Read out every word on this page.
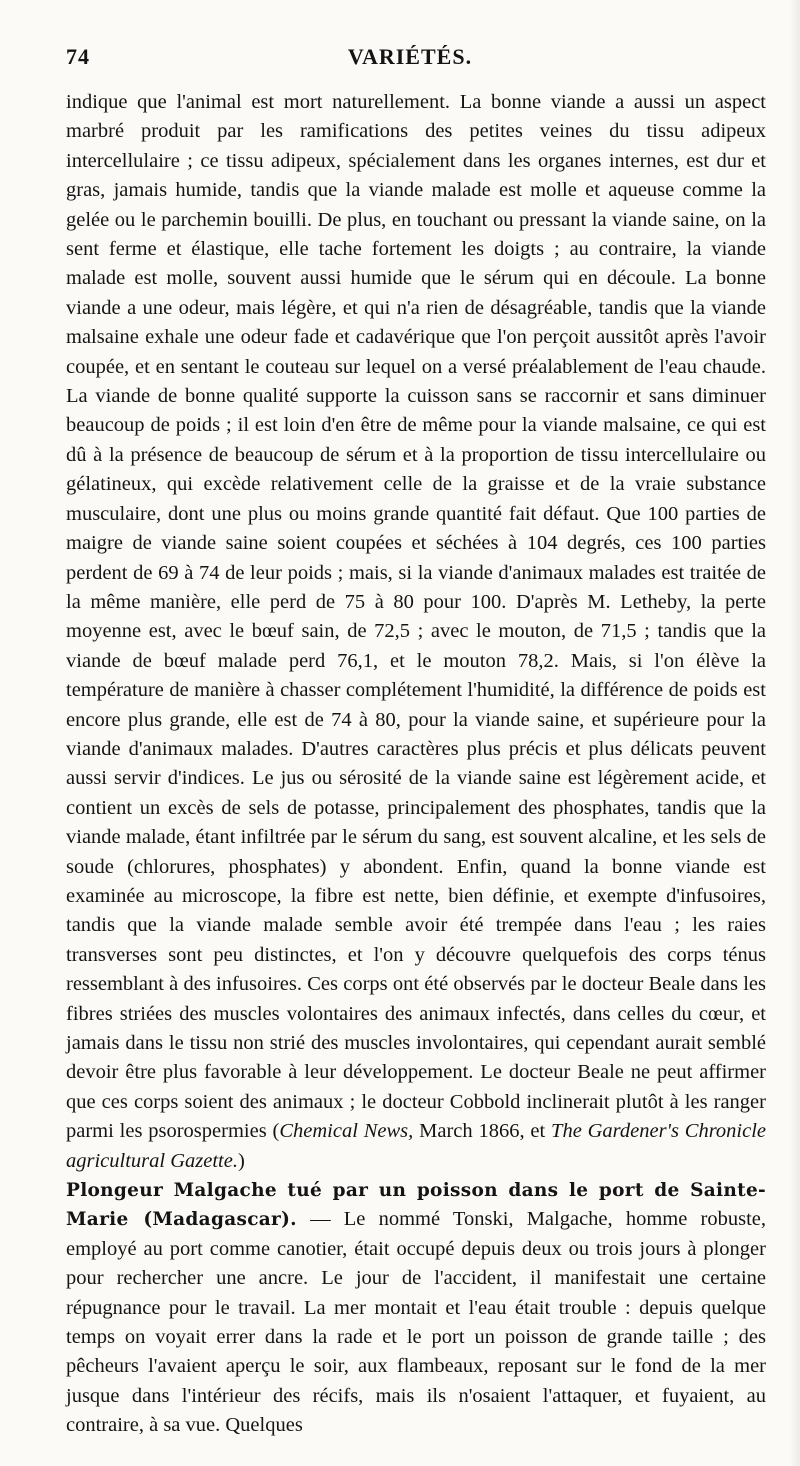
74	VARIÉTÉS.

indique que l'animal est mort naturellement. La bonne viande a aussi un aspect marbré produit par les ramifications des petites veines du tissu adipeux intercellulaire ; ce tissu adipeux, spécialement dans les organes internes, est dur et gras, jamais humide, tandis que la viande malade est molle et aqueuse comme la gelée ou le parchemin bouilli. De plus, en touchant ou pressant la viande saine, on la sent ferme et élastique, elle tache fortement les doigts ; au contraire, la viande malade est molle, souvent aussi humide que le sérum qui en découle. La bonne viande a une odeur, mais légère, et qui n'a rien de désagréable, tandis que la viande malsaine exhale une odeur fade et cadavérique que l'on perçoit aussitôt après l'avoir coupée, et en sentant le couteau sur lequel on a versé préalablement de l'eau chaude. La viande de bonne qualité supporte la cuisson sans se raccornir et sans diminuer beaucoup de poids ; il est loin d'en être de même pour la viande malsaine, ce qui est dû à la présence de beaucoup de sérum et à la proportion de tissu intercellulaire ou gélatineux, qui excède relativement celle de la graisse et de la vraie substance musculaire, dont une plus ou moins grande quantité fait défaut. Que 100 parties de maigre de viande saine soient coupées et séchées à 104 degrés, ces 100 parties perdent de 69 à 74 de leur poids ; mais, si la viande d'animaux malades est traitée de la même manière, elle perd de 75 à 80 pour 100. D'après M. Letheby, la perte moyenne est, avec le bœuf sain, de 72,5 ; avec le mouton, de 71,5 ; tandis que la viande de bœuf malade perd 76,1, et le mouton 78,2. Mais, si l'on élève la température de manière à chasser complétement l'humidité, la différence de poids est encore plus grande, elle est de 74 à 80, pour la viande saine, et supérieure pour la viande d'animaux malades. D'autres caractères plus précis et plus délicats peuvent aussi servir d'indices. Le jus ou sérosité de la viande saine est légèrement acide, et contient un excès de sels de potasse, principalement des phosphates, tandis que la viande malade, étant infiltrée par le sérum du sang, est souvent alcaline, et les sels de soude (chlorures, phosphates) y abondent. Enfin, quand la bonne viande est examinée au microscope, la fibre est nette, bien définie, et exempte d'infusoires, tandis que la viande malade semble avoir été trempée dans l'eau ; les raies transverses sont peu distinctes, et l'on y découvre quelquefois des corps ténus ressemblant à des infusoires. Ces corps ont été observés par le docteur Beale dans les fibres striées des muscles volontaires des animaux infectés, dans celles du cœur, et jamais dans le tissu non strié des muscles involontaires, qui cependant aurait semblé devoir être plus favorable à leur développement. Le docteur Beale ne peut affirmer que ces corps soient des animaux ; le docteur Cobbold inclinerait plutôt à les ranger parmi les psorospermies (Chemical News, March 1866, et The Gardener's Chronicle agricultural Gazette.)

Plongeur Malgache tué par un poisson dans le port de Sainte-Marie (Madagascar). — Le nommé Tonski, Malgache, homme robuste, employé au port comme canotier, était occupé depuis deux ou trois jours à plonger pour rechercher une ancre. Le jour de l'accident, il manifestait une certaine répugnance pour le travail. La mer montait et l'eau était trouble : depuis quelque temps on voyait errer dans la rade et le port un poisson de grande taille ; des pêcheurs l'avaient aperçu le soir, aux flambeaux, reposant sur le fond de la mer jusque dans l'intérieur des récifs, mais ils n'osaient l'attaquer, et fuyaient, au contraire, à sa vue. Quelques
